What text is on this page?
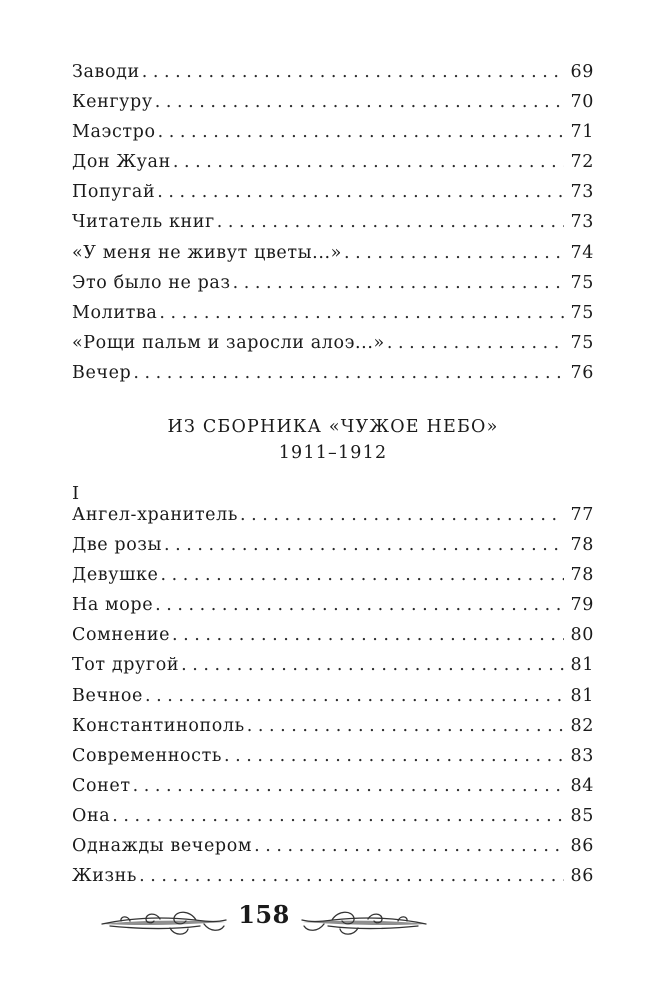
Заводи . . .	69
Кенгуру . . .	70
Маэстро . . .	71
Дон Жуан . . .	72
Попугай . . .	73
Читатель книг . . .	73
«У меня не живут цветы...» . . .	74
Это было не раз . . .	75
Молитва . . .	75
«Рощи пальм и заросли алоэ...» . . .	75
Вечер . . .	76
ИЗ СБОРНИКА «ЧУЖОЕ НЕБО»
1911–1912
I
Ангел-хранитель . . .	77
Две розы . . .	78
Девушке . . .	78
На море . . .	79
Сомнение . . .	80
Тот другой . . .	81
Вечное . . .	81
Константинополь . . .	82
Современность . . .	83
Сонет . . .	84
Она . . .	85
Однажды вечером . . .	86
Жизнь . . .	86
158
